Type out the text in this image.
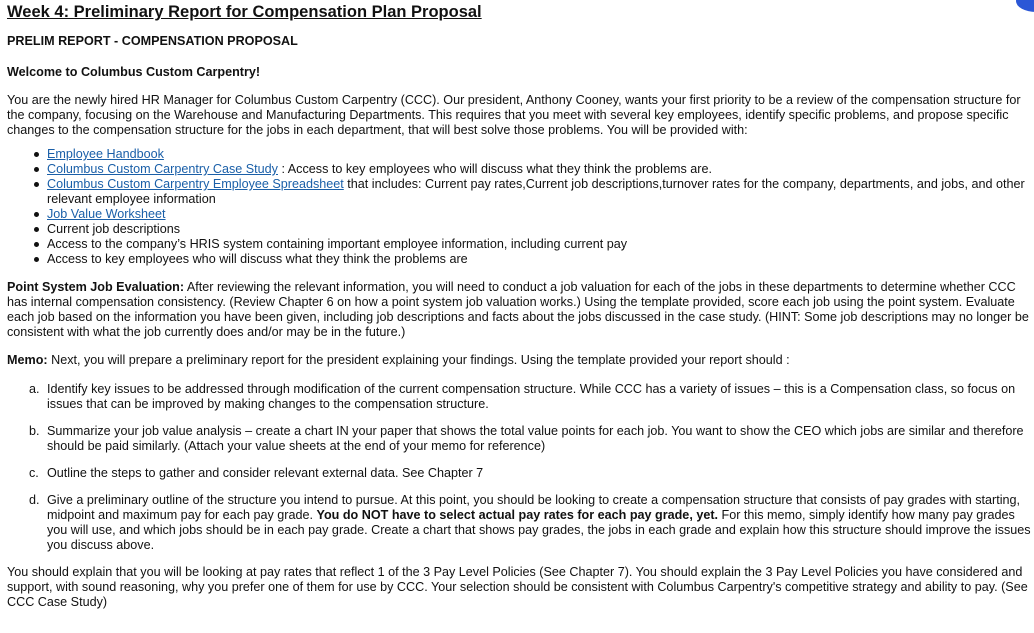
Week 4: Preliminary Report for Compensation Plan Proposal
PRELIM REPORT - COMPENSATION PROPOSAL
Welcome to Columbus Custom Carpentry!

You are the newly hired HR Manager for Columbus Custom Carpentry (CCC). Our president, Anthony Cooney, wants your first priority to be a review of the compensation structure for the company, focusing on the Warehouse and Manufacturing Departments. This requires that you meet with several key employees, identify specific problems, and propose specific changes to the compensation structure for the jobs in each department, that will best solve those problems. You will be provided with:

Employee Handbook
Columbus Custom Carpentry Case Study : Access to key employees who will discuss what they think the problems are.
Columbus Custom Carpentry Employee Spreadsheet that includes: Current pay rates,Current job descriptions,turnover rates for the company, departments, and jobs, and other relevant employee information
Job Value Worksheet
Current job descriptions
Access to the company’s HRIS system containing important employee information, including current pay
Access to key employees who will discuss what they think the problems are

Point System Job Evaluation: After reviewing the relevant information, you will need to conduct a job valuation for each of the jobs in these departments to determine whether CCC has internal compensation consistency. (Review Chapter 6 on how a point system job valuation works.) Using the template provided, score each job using the point system. Evaluate each job based on the information you have been given, including job descriptions and facts about the jobs discussed in the case study. (HINT: Some job descriptions may no longer be consistent with what the job currently does and/or may be in the future.)

Memo: Next, you will prepare a preliminary report for the president explaining your findings. Using the template provided your report should :

a. Identify key issues to be addressed through modification of the current compensation structure. While CCC has a variety of issues – this is a Compensation class, so focus on issues that can be improved by making changes to the compensation structure.
b. Summarize your job value analysis – create a chart IN your paper that shows the total value points for each job. You want to show the CEO which jobs are similar and therefore should be paid similarly. (Attach your value sheets at the end of your memo for reference)
c. Outline the steps to gather and consider relevant external data. See Chapter 7
d. Give a preliminary outline of the structure you intend to pursue. At this point, you should be looking to create a compensation structure that consists of pay grades with starting, midpoint and maximum pay for each pay grade. You do NOT have to select actual pay rates for each pay grade, yet. For this memo, simply identify how many pay grades you will use, and which jobs should be in each pay grade. Create a chart that shows pay grades, the jobs in each grade and explain how this structure should improve the issues you discuss above.

You should explain that you will be looking at pay rates that reflect 1 of the 3 Pay Level Policies (See Chapter 7). You should explain the 3 Pay Level Policies you have considered and support, with sound reasoning, why you prefer one of them for use by CCC. Your selection should be consistent with Columbus Carpentry's competitive strategy and ability to pay. (See CCC Case Study)
